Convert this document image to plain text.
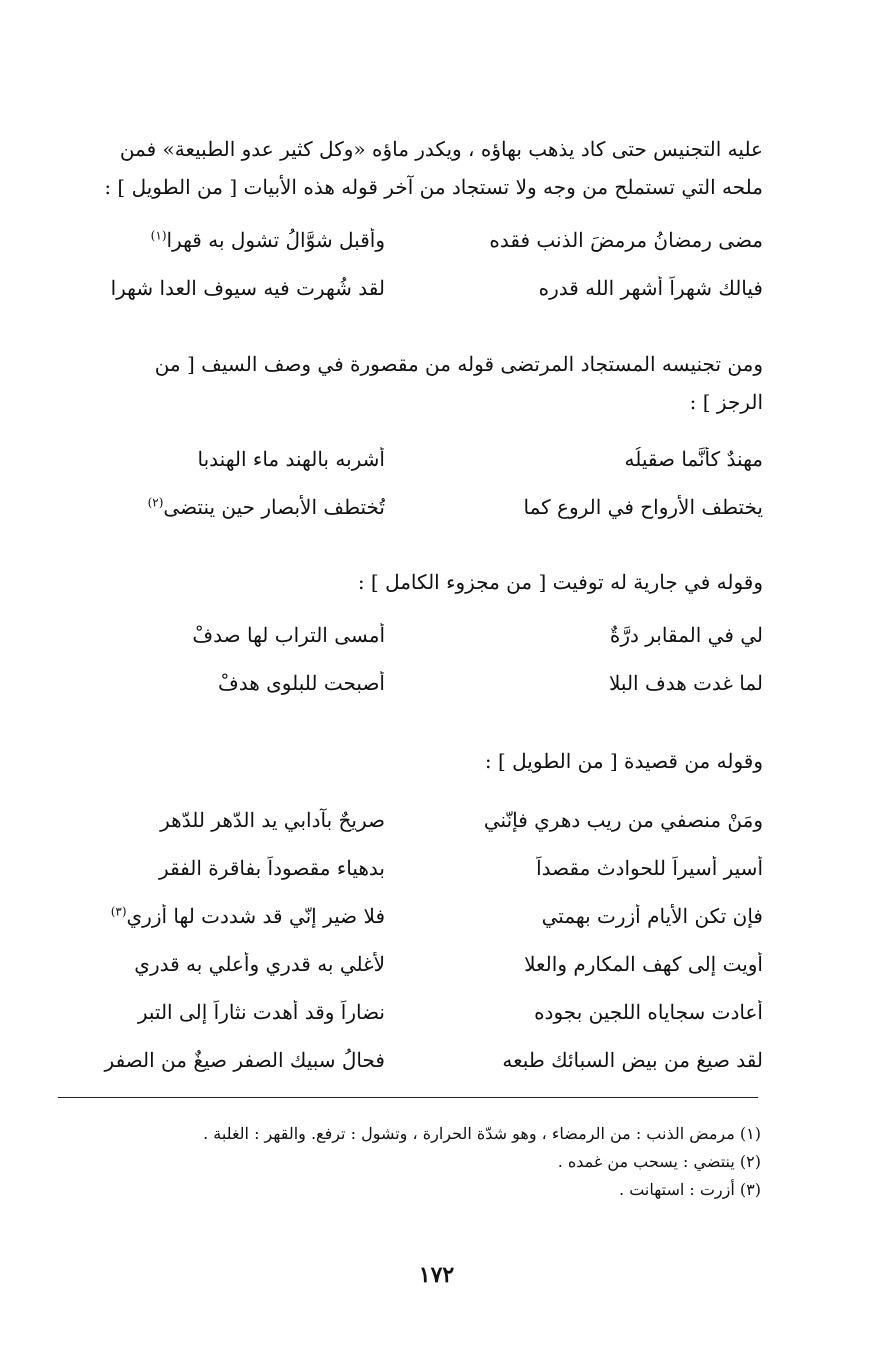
عليه التجنيس حتى كاد يذهب بهاؤه ، ويكدر ماؤه «وكل كثير عدو الطبيعة» فمن
ملحه التي تستملح من وجه ولا تستجاد من آخر قوله هذه الأبيات [ من الطويل ] :
مضى رمضانُ مرمضَ الذنب فقده
وأقبل شوَّالُ تشول به قهرا$^{(١)}$
فيالك شهراً أشهر الله قدره
لقد شُهرت فيه سيوف العدا شهرا
ومن تجنيسه المستجاد المرتضى قوله من مقصورة في وصف السيف [ من
الرجز ] :
مهندٌ كأنَّما صقيلُه
أشربه بالهند ماء الهندبا
يختطف الأرواح في الروع كما
تُختطف الأبصار حين ينتضى$^{(٢)}$
وقوله في جارية له توفيت [ من مجزوء الكامل ] :
لي في المقابر درَّةٌ
أمسى التراب لها صدفْ
لما غدت هدف البلا
أصبحت للبلوى هدفْ
وقوله من قصيدة [ من الطويل ] :
ومَنْ منصفي من ريب دهري فإنّني
صريحٌ بآدابي يد الدّهر للدّهرِ
أسير أسيراً للحوادث مقصداً
بدهياء مقصوداً بفاقرة الفقر
فإن تكن الأيام أزرت بهمتي
فلا ضير إنّي قد شددت لها أزري$^{(٣)}$
أويت إلى كهف المكارم والعلا
لأغلي به قدري وأعلي به قدري
أعادت سجاياه اللجين بجوده
نضاراً وقد أهدت نثاراً إلى التبر
لقد صيغ من بيض السبائك طبعه
فحالُ سبيك الصفر صيغٌ من الصفر
(١) مرمض الذنب : من الرمضاء ، وهو شدّة الحرارة ، وتشول : ترفع. والقهر : الغلبة .
(٢) ينتضي : يسحب من غمده .
(٣) أزرت : استهانت .
١٧٢
